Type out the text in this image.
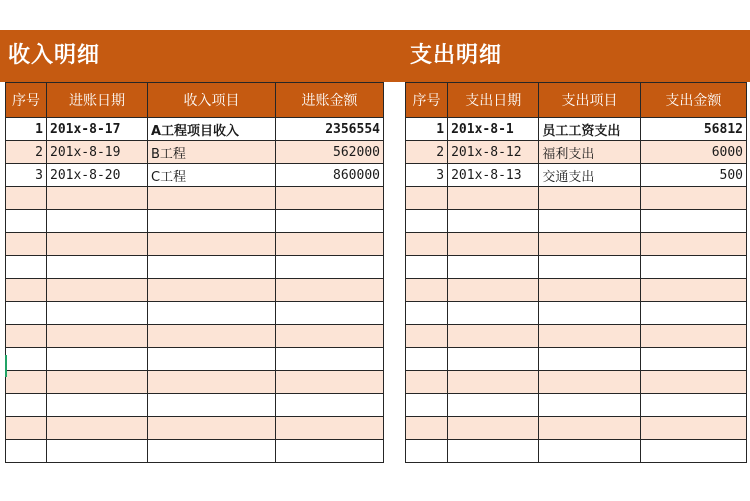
收入明细	支出明细
序号	进账日期	收入项目	进账金额
1	201x-8-17	A工程项目收入	2356554
2	201x-8-19	B工程	562000
3	201x-8-20	C工程	860000

序号	支出日期	支出项目	支出金额
1	201x-8-1	员工工资支出	56812
2	201x-8-12	福利支出	6000
3	201x-8-13	交通支出	500
